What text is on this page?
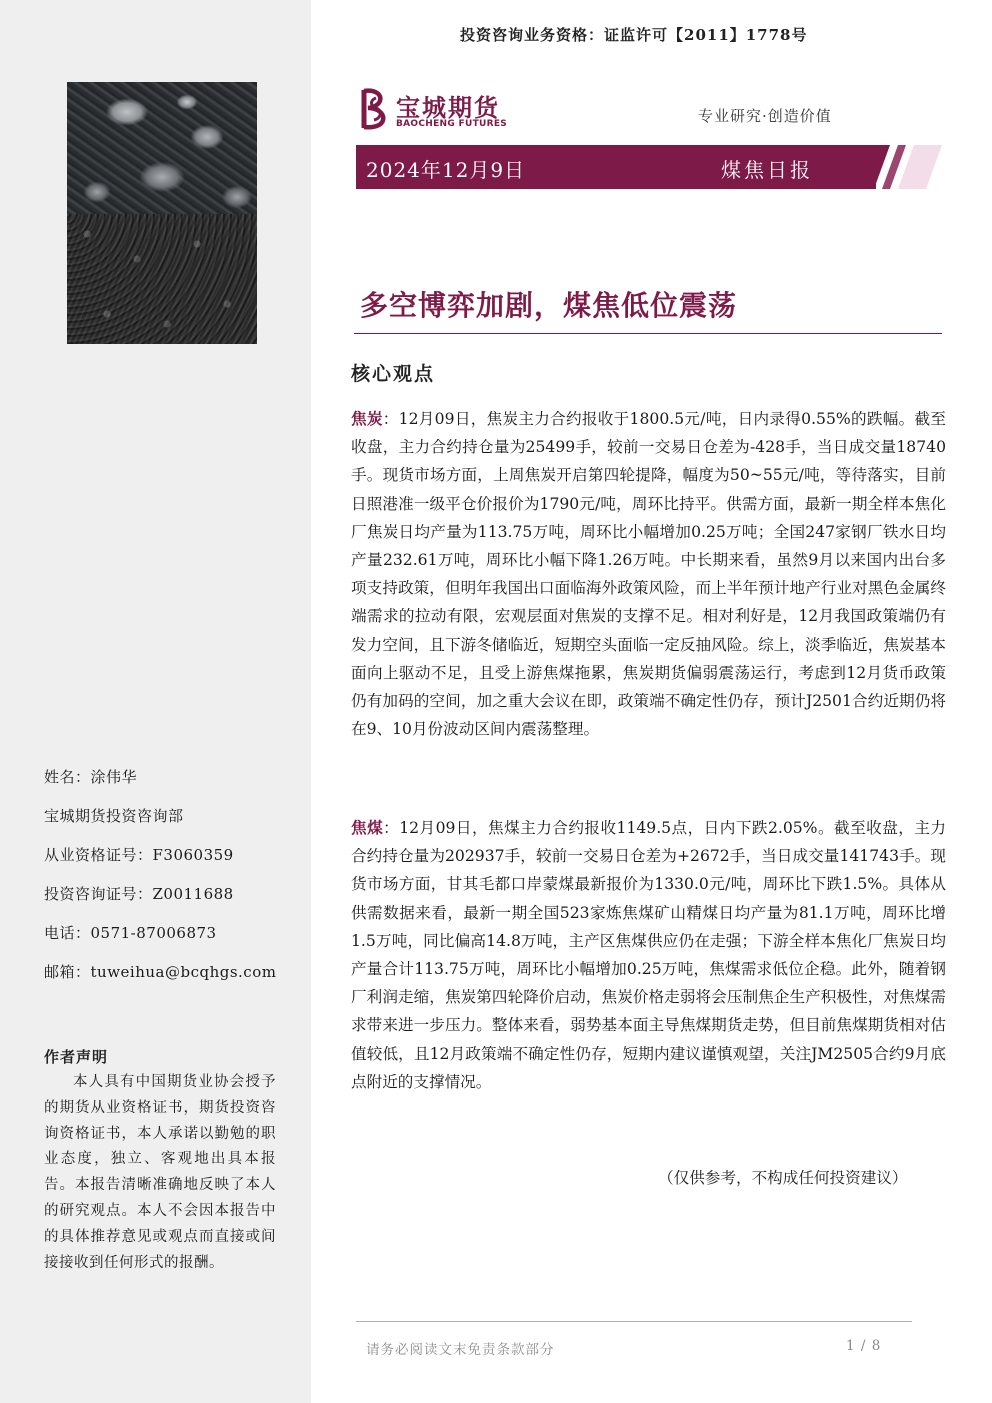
投资咨询业务资格：证监许可【2011】1778号
宝城期货
BAOCHENG FUTURES	专业研究·创造价值
2024年12月9日	煤焦日报
多空博弈加剧，煤焦低位震荡
核心观点

焦炭：12月09日，焦炭主力合约报收于1800.5元/吨，日内录得0.55%的跌幅。截至收盘，主力合约持仓量为25499手，较前一交易日仓差为-428手，当日成交量18740手。现货市场方面，上周焦炭开启第四轮提降，幅度为50~55元/吨，等待落实，目前日照港准一级平仓价报价为1790元/吨，周环比持平。供需方面，最新一期全样本焦化厂焦炭日均产量为113.75万吨，周环比小幅增加0.25万吨；全国247家钢厂铁水日均产量232.61万吨，周环比小幅下降1.26万吨。中长期来看，虽然9月以来国内出台多项支持政策，但明年我国出口面临海外政策风险，而上半年预计地产行业对黑色金属终端需求的拉动有限，宏观层面对焦炭的支撑不足。相对利好是，12月我国政策端仍有发力空间，且下游冬储临近，短期空头面临一定反抽风险。综上，淡季临近，焦炭基本面向上驱动不足，且受上游焦煤拖累，焦炭期货偏弱震荡运行，考虑到12月货币政策仍有加码的空间，加之重大会议在即，政策端不确定性仍存，预计J2501合约近期仍将在9、10月份波动区间内震荡整理。

焦煤：12月09日，焦煤主力合约报收1149.5点，日内下跌2.05%。截至收盘，主力合约持仓量为202937手，较前一交易日仓差为+2672手，当日成交量141743手。现货市场方面，甘其毛都口岸蒙煤最新报价为1330.0元/吨，周环比下跌1.5%。具体从供需数据来看，最新一期全国523家炼焦煤矿山精煤日均产量为81.1万吨，周环比增1.5万吨，同比偏高14.8万吨，主产区焦煤供应仍在走强；下游全样本焦化厂焦炭日均产量合计113.75万吨，周环比小幅增加0.25万吨，焦煤需求低位企稳。此外，随着钢厂利润走缩，焦炭第四轮降价启动，焦炭价格走弱将会压制焦企生产积极性，对焦煤需求带来进一步压力。整体来看，弱势基本面主导焦煤期货走势，但目前焦煤期货相对估值较低，且12月政策端不确定性仍存，短期内建议谨慎观望，关注JM2505合约9月底点附近的支撑情况。

（仅供参考，不构成任何投资建议）
姓名：涂伟华
宝城期货投资咨询部
从业资格证号：F3060359
投资咨询证号：Z0011688
电话：0571-87006873
邮箱：tuweihua@bcqhgs.com
作者声明

本人具有中国期货业协会授予的期货从业资格证书，期货投资咨询资格证书，本人承诺以勤勉的职业态度，独立、客观地出具本报告。本报告清晰准确地反映了本人的研究观点。本人不会因本报告中的具体推荐意见或观点而直接或间接接收到任何形式的报酬。

请务必阅读文末免责条款部分	1 / 8
